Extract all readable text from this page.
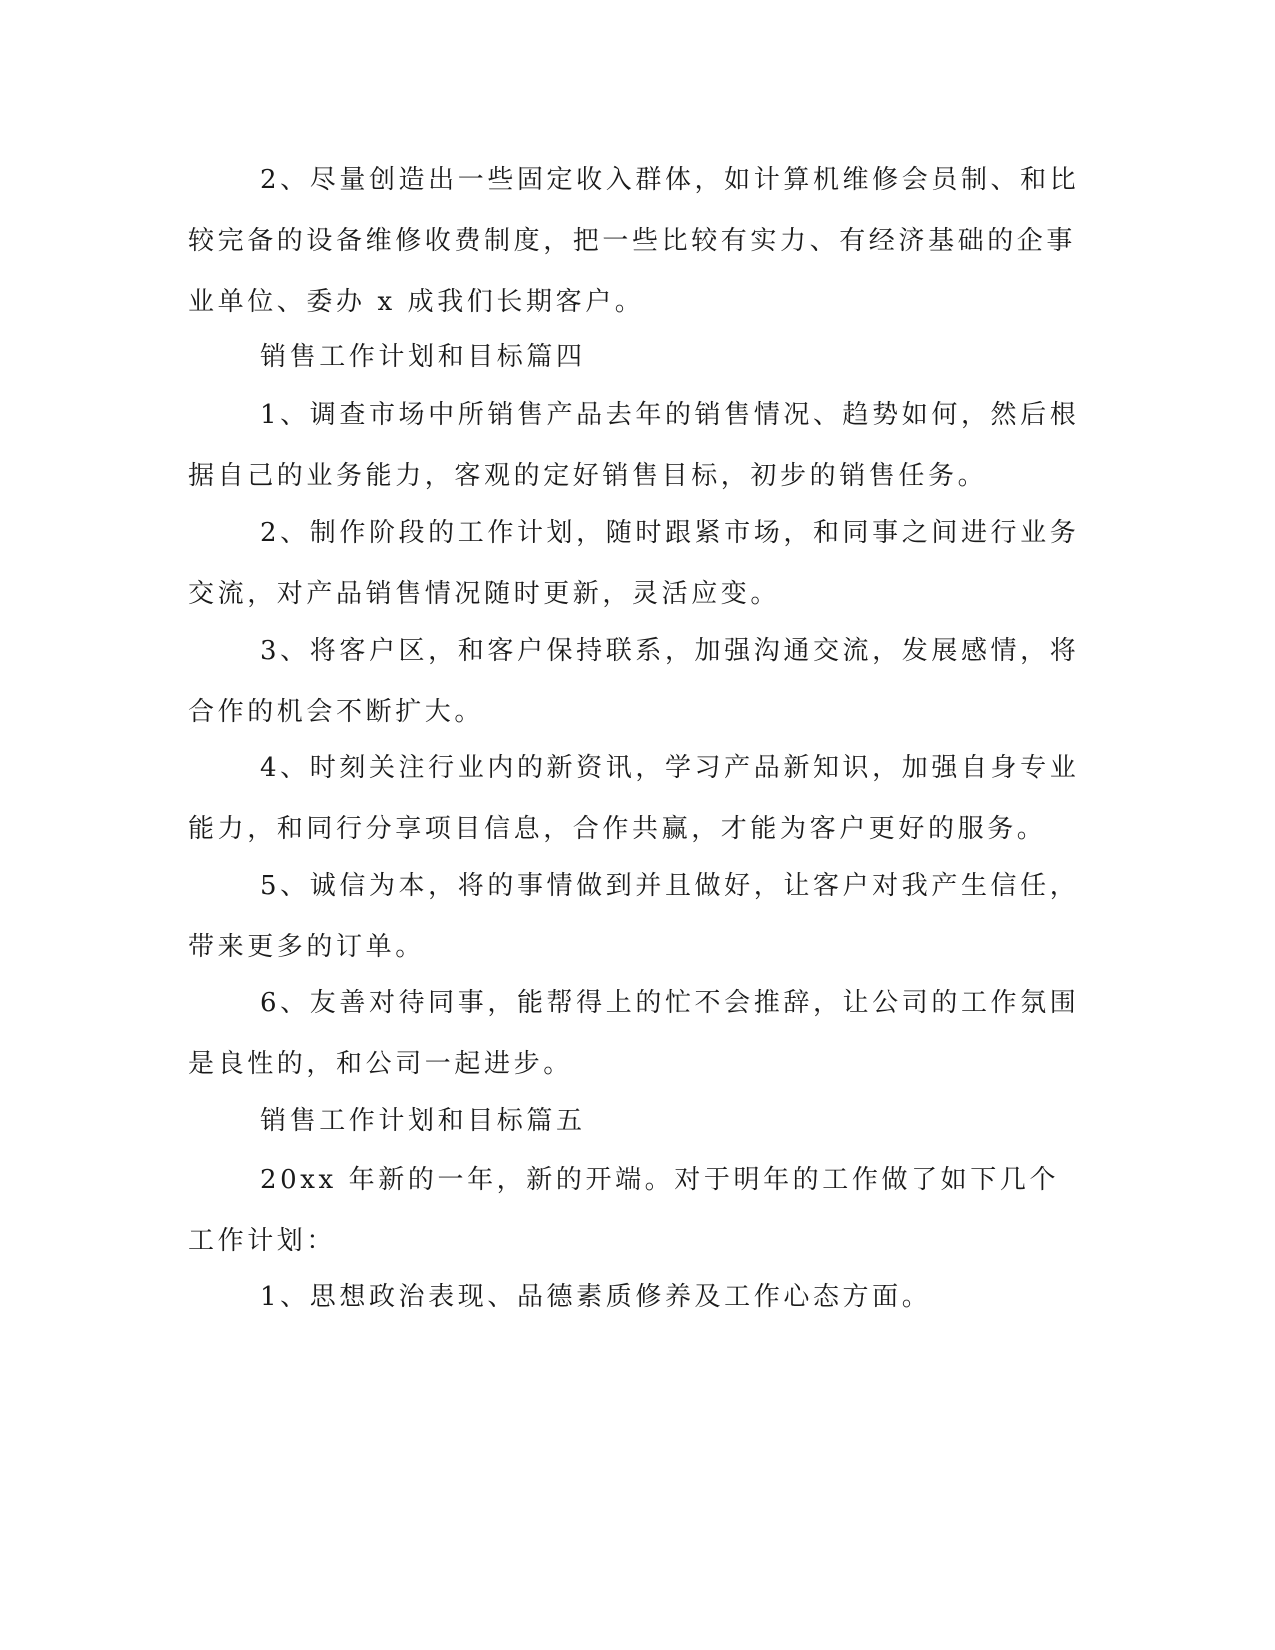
2、尽量创造出一些固定收入群体，如计算机维修会员制、和比较完备的设备维修收费制度，把一些比较有实力、有经济基础的企事业单位、委办 x 成我们长期客户。

销售工作计划和目标篇四

1、调查市场中所销售产品去年的销售情况、趋势如何，然后根据自己的业务能力，客观的定好销售目标，初步的销售任务。

2、制作阶段的工作计划，随时跟紧市场，和同事之间进行业务交流，对产品销售情况随时更新，灵活应变。

3、将客户区，和客户保持联系，加强沟通交流，发展感情，将合作的机会不断扩大。

4、时刻关注行业内的新资讯，学习产品新知识，加强自身专业能力，和同行分享项目信息，合作共赢，才能为客户更好的服务。

5、诚信为本，将的事情做到并且做好，让客户对我产生信任，带来更多的订单。

6、友善对待同事，能帮得上的忙不会推辞，让公司的工作氛围是良性的，和公司一起进步。

销售工作计划和目标篇五

20xx 年新的一年，新的开端。对于明年的工作做了如下几个工作计划：

1、思想政治表现、品德素质修养及工作心态方面。
